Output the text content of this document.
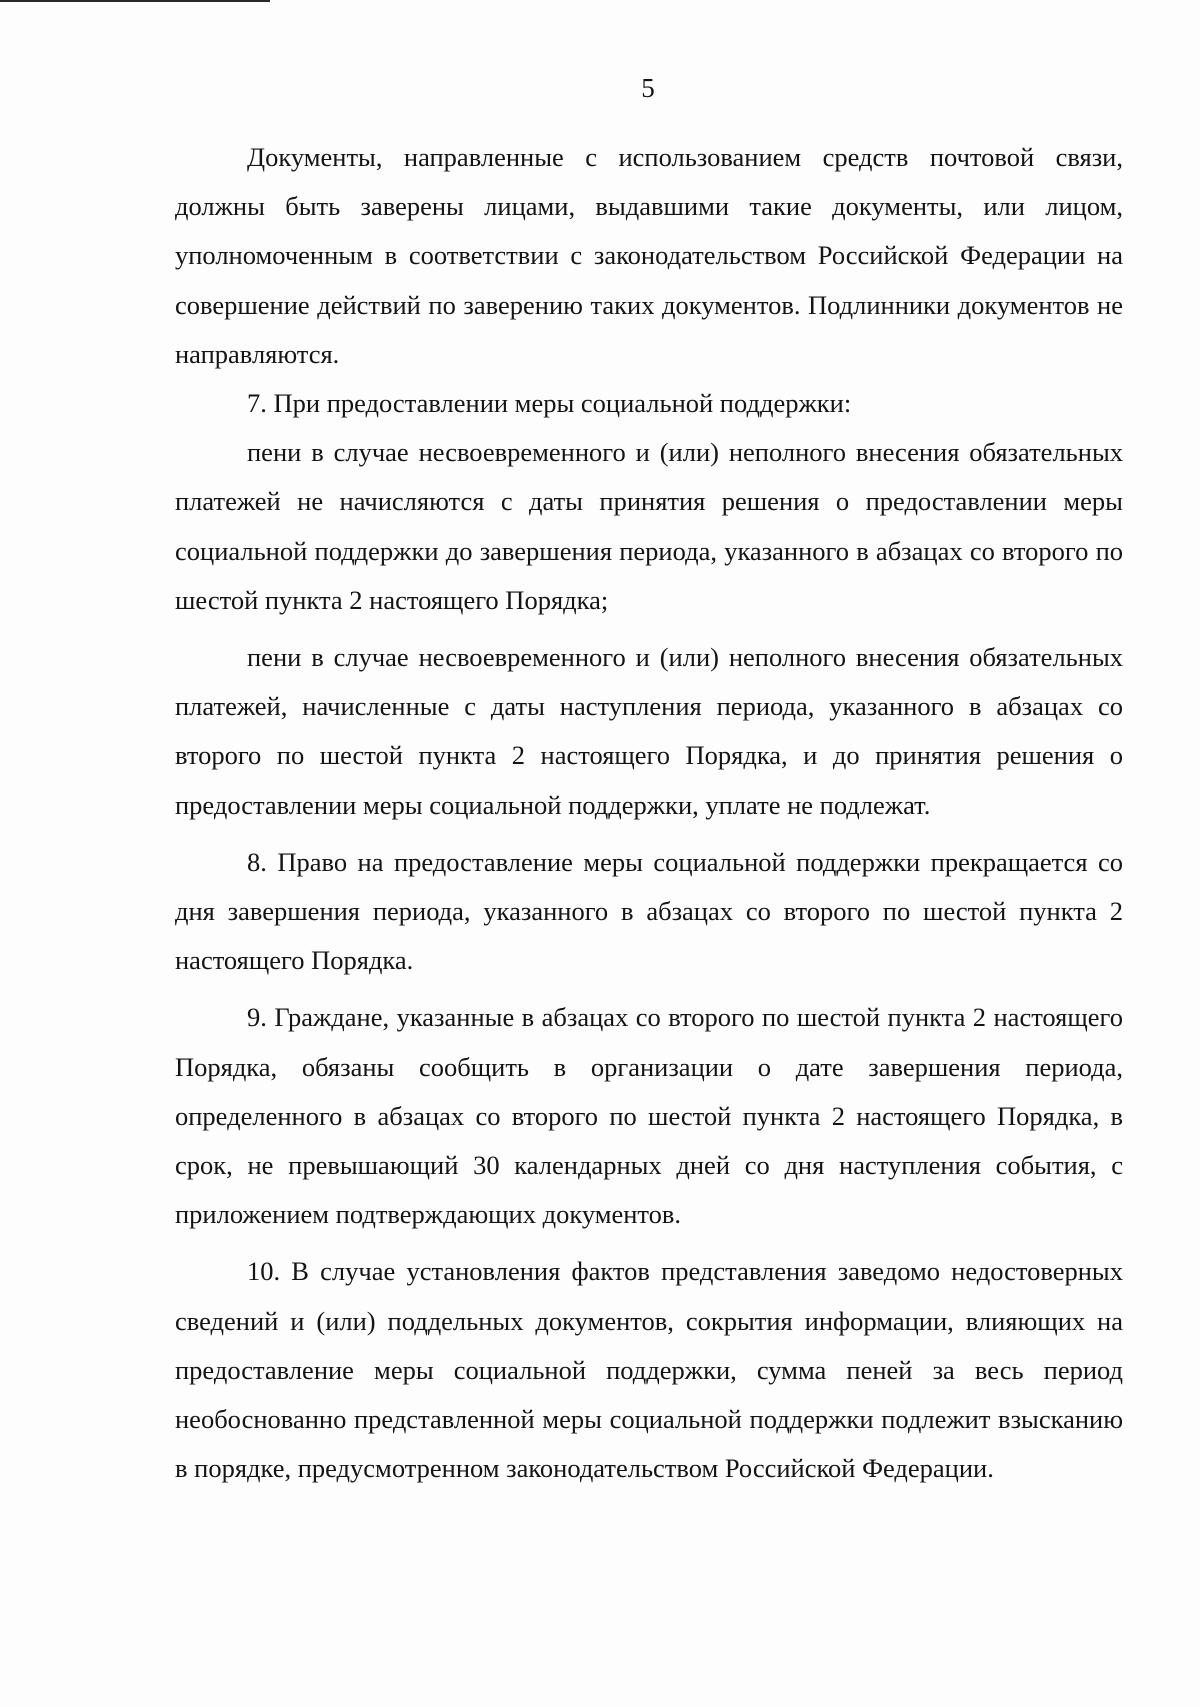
5

Документы, направленные с использованием средств почтовой связи, должны быть заверены лицами, выдавшими такие документы, или лицом, уполномоченным в соответствии с законодательством Российской Федерации на совершение действий по заверению таких документов. Подлинники документов не направляются.

7. При предоставлении меры социальной поддержки:

пени в случае несвоевременного и (или) неполного внесения обязательных платежей не начисляются с даты принятия решения о предоставлении меры социальной поддержки до завершения периода, указанного в абзацах со второго по шестой пункта 2 настоящего Порядка;

пени в случае несвоевременного и (или) неполного внесения обязательных платежей, начисленные с даты наступления периода, указанного в абзацах со второго по шестой пункта 2 настоящего Порядка, и до принятия решения о предоставлении меры социальной поддержки, уплате не подлежат.

8. Право на предоставление меры социальной поддержки прекращается со дня завершения периода, указанного в абзацах со второго по шестой пункта 2 настоящего Порядка.

9. Граждане, указанные в абзацах со второго по шестой пункта 2 настоящего Порядка, обязаны сообщить в организации о дате завершения периода, определенного в абзацах со второго по шестой пункта 2 настоящего Порядка, в срок, не превышающий 30 календарных дней со дня наступления события, с приложением подтверждающих документов.

10. В случае установления фактов представления заведомо недостоверных сведений и (или) поддельных документов, сокрытия информации, влияющих на предоставление меры социальной поддержки, сумма пеней за весь период необоснованно представленной меры социальной поддержки подлежит взысканию в порядке, предусмотренном законодательством Российской Федерации.
